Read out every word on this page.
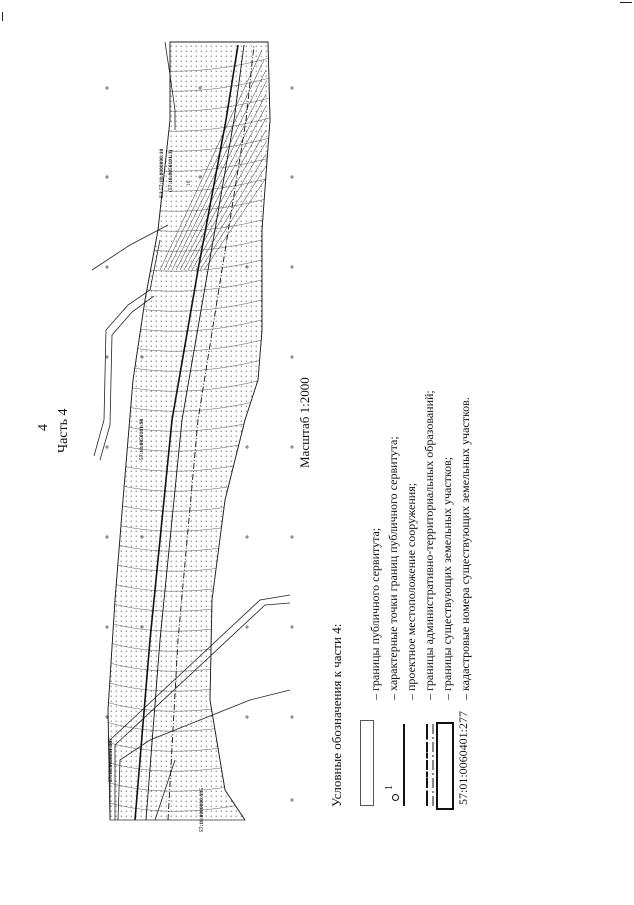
4 Часть 4
57:18:0050101:187
57:18:0000000:995
57:18:0050101:98
ЕЗ 57:18:0000000:10 (57:18:0050101:3) 10
Масштаб 1:2000
Условные обозначения к части 4:	1	57:01:0060401:277
– границы публичного сервитута; – характерные точки границ публичного сервитута; – проектное местоположение сооружения; – границы административно-территориальных образований; – границы существующих земельных участков; – кадастровые номера существующих земельных участков.
